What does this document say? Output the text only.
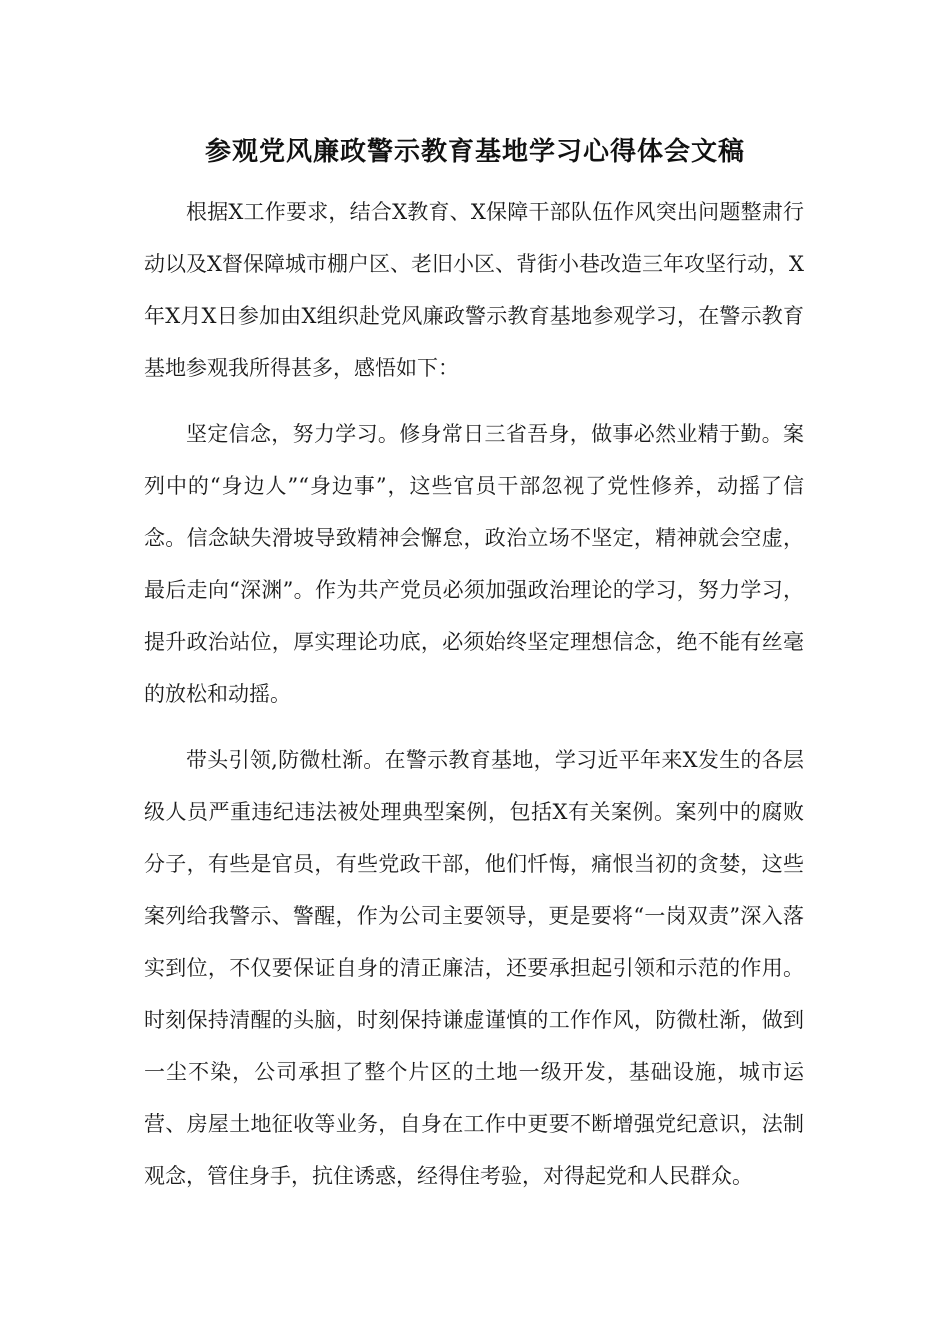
参观党风廉政警示教育基地学习心得体会文稿

根据X工作要求，结合X教育、X保障干部队伍作风突出问题整肃行动以及X督保障城市棚户区、老旧小区、背街小巷改造三年攻坚行动，X年X月X日参加由X组织赴党风廉政警示教育基地参观学习，在警示教育基地参观我所得甚多，感悟如下：

坚定信念，努力学习。修身常日三省吾身，做事必然业精于勤。案列中的“身边人”“身边事”，这些官员干部忽视了党性修养，动摇了信念。信念缺失滑坡导致精神会懈怠，政治立场不坚定，精神就会空虚，最后走向“深渊”。作为共产党员必须加强政治理论的学习，努力学习，提升政治站位，厚实理论功底，必须始终坚定理想信念，绝不能有丝毫的放松和动摇。

带头引领,防微杜渐。在警示教育基地，学习近平年来X发生的各层级人员严重违纪违法被处理典型案例，包括X有关案例。案列中的腐败分子，有些是官员，有些党政干部，他们忏悔，痛恨当初的贪婪，这些案列给我警示、警醒，作为公司主要领导，更是要将“一岗双责”深入落实到位，不仅要保证自身的清正廉洁，还要承担起引领和示范的作用。时刻保持清醒的头脑，时刻保持谦虚谨慎的工作作风，防微杜渐，做到一尘不染，公司承担了整个片区的土地一级开发，基础设施，城市运营、房屋土地征收等业务，自身在工作中更要不断增强党纪意识，法制观念，管住身手，抗住诱惑，经得住考验，对得起党和人民群众。
